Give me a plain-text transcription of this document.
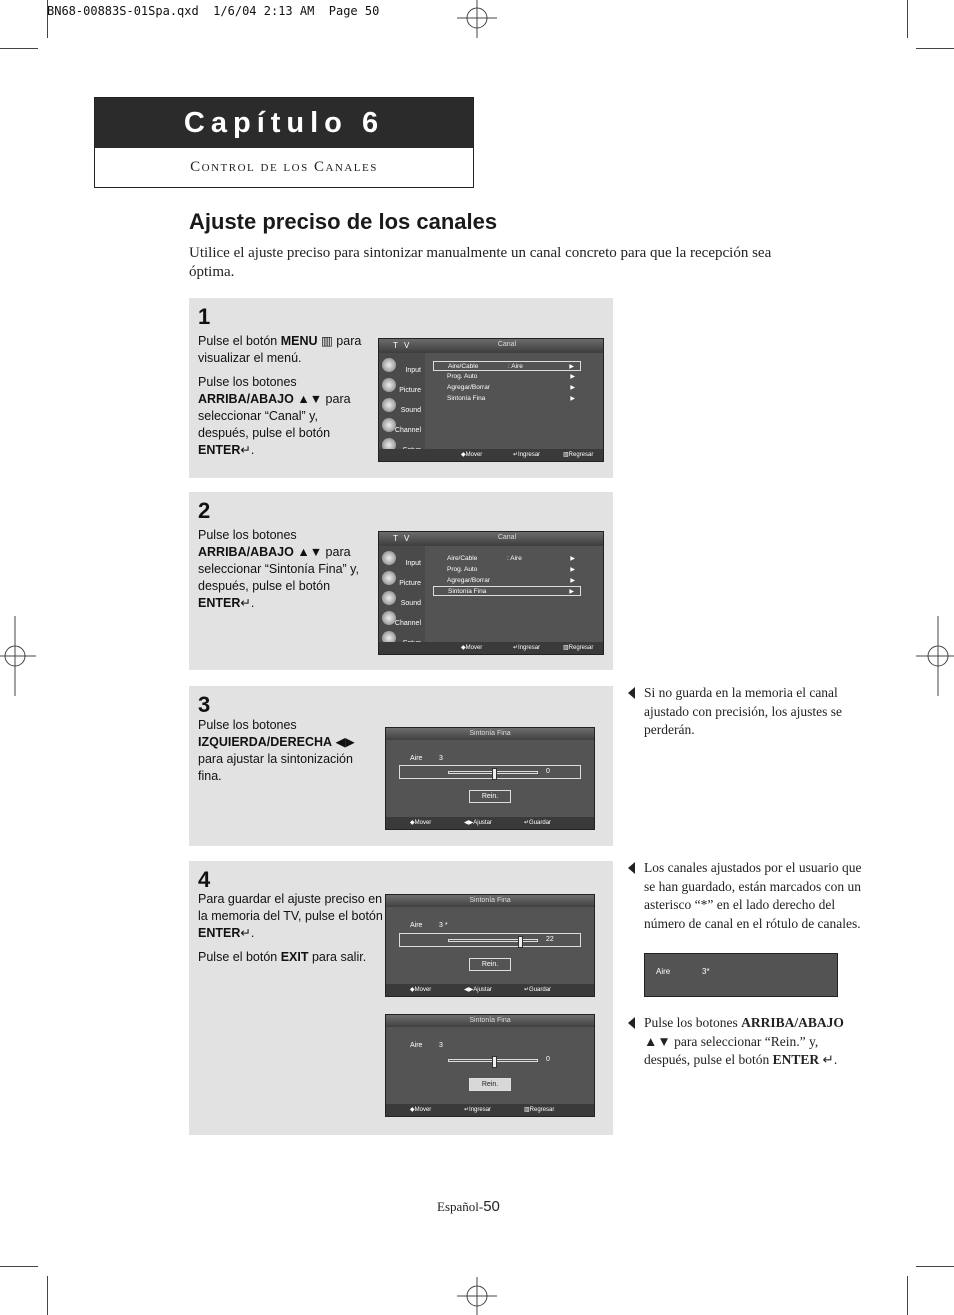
BN68-00883S-01Spa.qxd  1/6/04 2:13 AM  Page 50
Capítulo 6
Control de los Canales
Ajuste preciso de los canales
Utilice el ajuste preciso para sintonizar manualmente un canal concreto para que la recepción sea óptima.
1

Pulse el botón MENU ▥ para visualizar el menú.

Pulse los botones ARRIBA/ABAJO ▲▼ para seleccionar “Canal” y, después, pulse el botón ENTER↵.

T V	Canal
Input
Picture
Sound
Channel
Aire/Cable	: Aire	▶
Prog. Auto	▶
Agregar/Borrar	▶
Sintonía Fina	▶
◆ Mover	↵ Ingresar	▥ Regresar
2

Pulse los botones ARRIBA/ABAJO ▲▼ para seleccionar “Sintonía Fina” y, después, pulse el botón ENTER↵.

T V	Canal
Input
Picture
Sound
Channel
Aire/Cable	: Aire	▶
Prog. Auto	▶
Agregar/Borrar	▶
Sintonía Fina	▶
◆ Mover	↵ Ingresar	▥ Regresar
3

Pulse los botones IZQUIERDA/DERECHA ◀▶ para ajustar la sintonización fina.

Sintonía Fina
Aire 3
0
Rein.
◆ Mover	◀▶ Ajustar	↵ Guardar
4

Para guardar el ajuste preciso en la memoria del TV, pulse el botón ENTER↵.

Pulse el botón EXIT para salir.

Sintonía Fina
Aire 3 *
22
Rein.
◆ Mover	◀▶ Ajustar	↵ Guardar
Sintonía Fina
Aire 3
0
Rein.
◆ Mover	↵ Ingresar	▥ Regresar
Si no guarda en la memoria el canal ajustado con precisión, los ajustes se perderán.
Los canales ajustados por el usuario que se han guardado, están marcados con un asterisco “*” en el lado derecho del número de canal en el rótulo de canales.
Aire	3*
Pulse los botones ARRIBA/ABAJO ▲▼ para seleccionar “Rein.” y, después, pulse el botón ENTER ↵.
Español-50
